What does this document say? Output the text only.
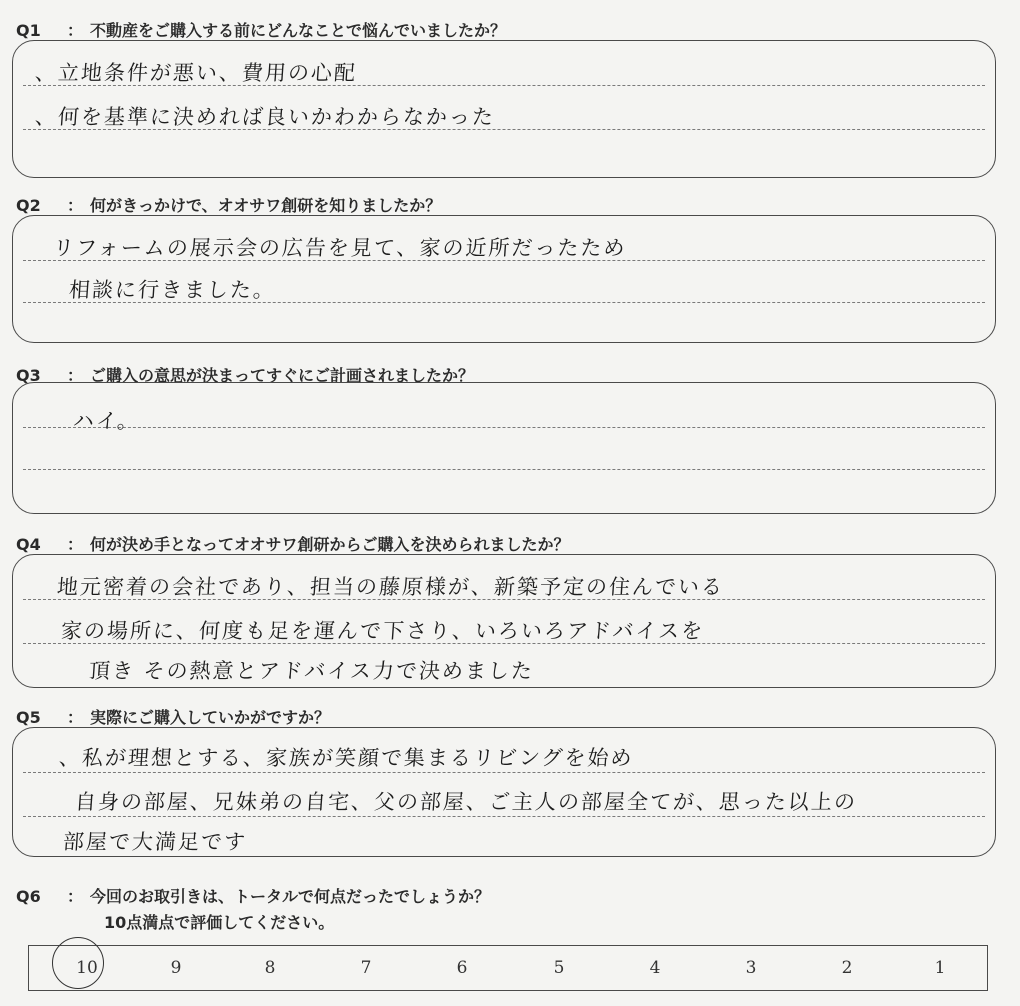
Q1 ： 不動産をご購入する前にどんなことで悩んでいましたか？
、立地条件が悪い、費用の心配
、何を基準に決めれば良いかわからなかった
Q2 ： 何がきっかけで、オオサワ創研を知りましたか？
リフォームの展示会の広告を見て、家の近所だったため
相談に行きました。
Q3 ： ご購入の意思が決まってすぐにご計画されましたか？
ハイ。
Q4 ： 何が決め手となってオオサワ創研からご購入を決められましたか？
地元密着の会社であり、担当の藤原様が、新築予定の住んでいる
家の場所に、何度も足を運んで下さり、いろいろアドバイスを
頂き その熱意とアドバイス力で決めました
Q5 ： 実際にご購入していかがですか？
、私が理想とする、家族が笑顔で集まるリビングを始め
自身の部屋、兄妹弟の自宅、父の部屋、ご主人の部屋全てが、思った以上の
部屋で大満足です
Q6 ： 今回のお取引きは、トータルで何点だったでしょうか？
10点満点で評価してください。
10	9	8	7	6	5	4	3	2	1
